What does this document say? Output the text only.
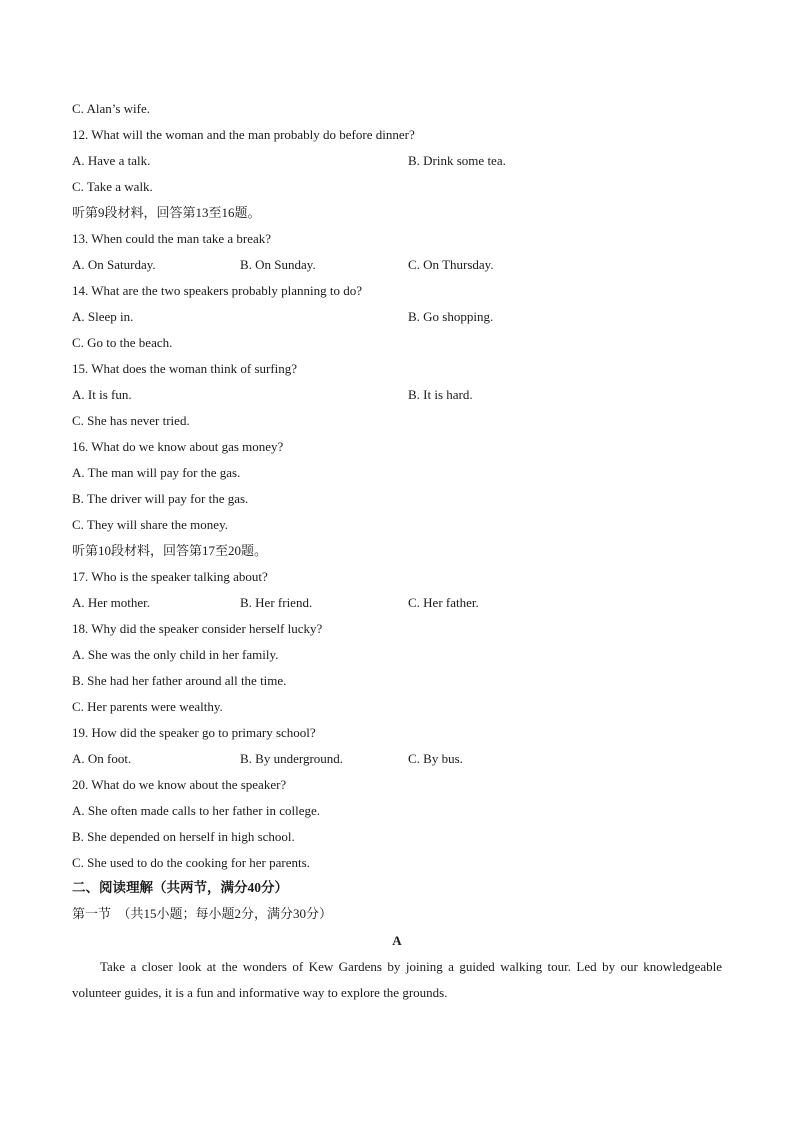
C. Alan’s wife.
12. What will the woman and the man probably do before dinner?
A. Have a talk.	B. Drink some tea.
C. Take a walk.
听第9段材料，回答第13至16题。
13. When could the man take a break?
A. On Saturday.	B. On Sunday.	C. On Thursday.
14. What are the two speakers probably planning to do?
A. Sleep in.	B. Go shopping.
C. Go to the beach.
15. What does the woman think of surfing?
A. It is fun.	B. It is hard.
C. She has never tried.
16. What do we know about gas money?
A. The man will pay for the gas.
B. The driver will pay for the gas.
C. They will share the money.
听第10段材料，回答第17至20题。
17. Who is the speaker talking about?
A. Her mother.	B. Her friend.	C. Her father.
18. Why did the speaker consider herself lucky?
A. She was the only child in her family.
B. She had her father around all the time.
C. Her parents were wealthy.
19. How did the speaker go to primary school?
A. On foot.	B. By underground.	C. By bus.
20. What do we know about the speaker?
A. She often made calls to her father in college.
B. She depended on herself in high school.
C. She used to do the cooking for her parents.
二、阅读理解（共两节，满分40分）
第一节　（共15小题；每小题2分，满分30分）
A
Take a closer look at the wonders of Kew Gardens by joining a guided walking tour. Led by our knowledgeable volunteer guides, it is a fun and informative way to explore the grounds.
